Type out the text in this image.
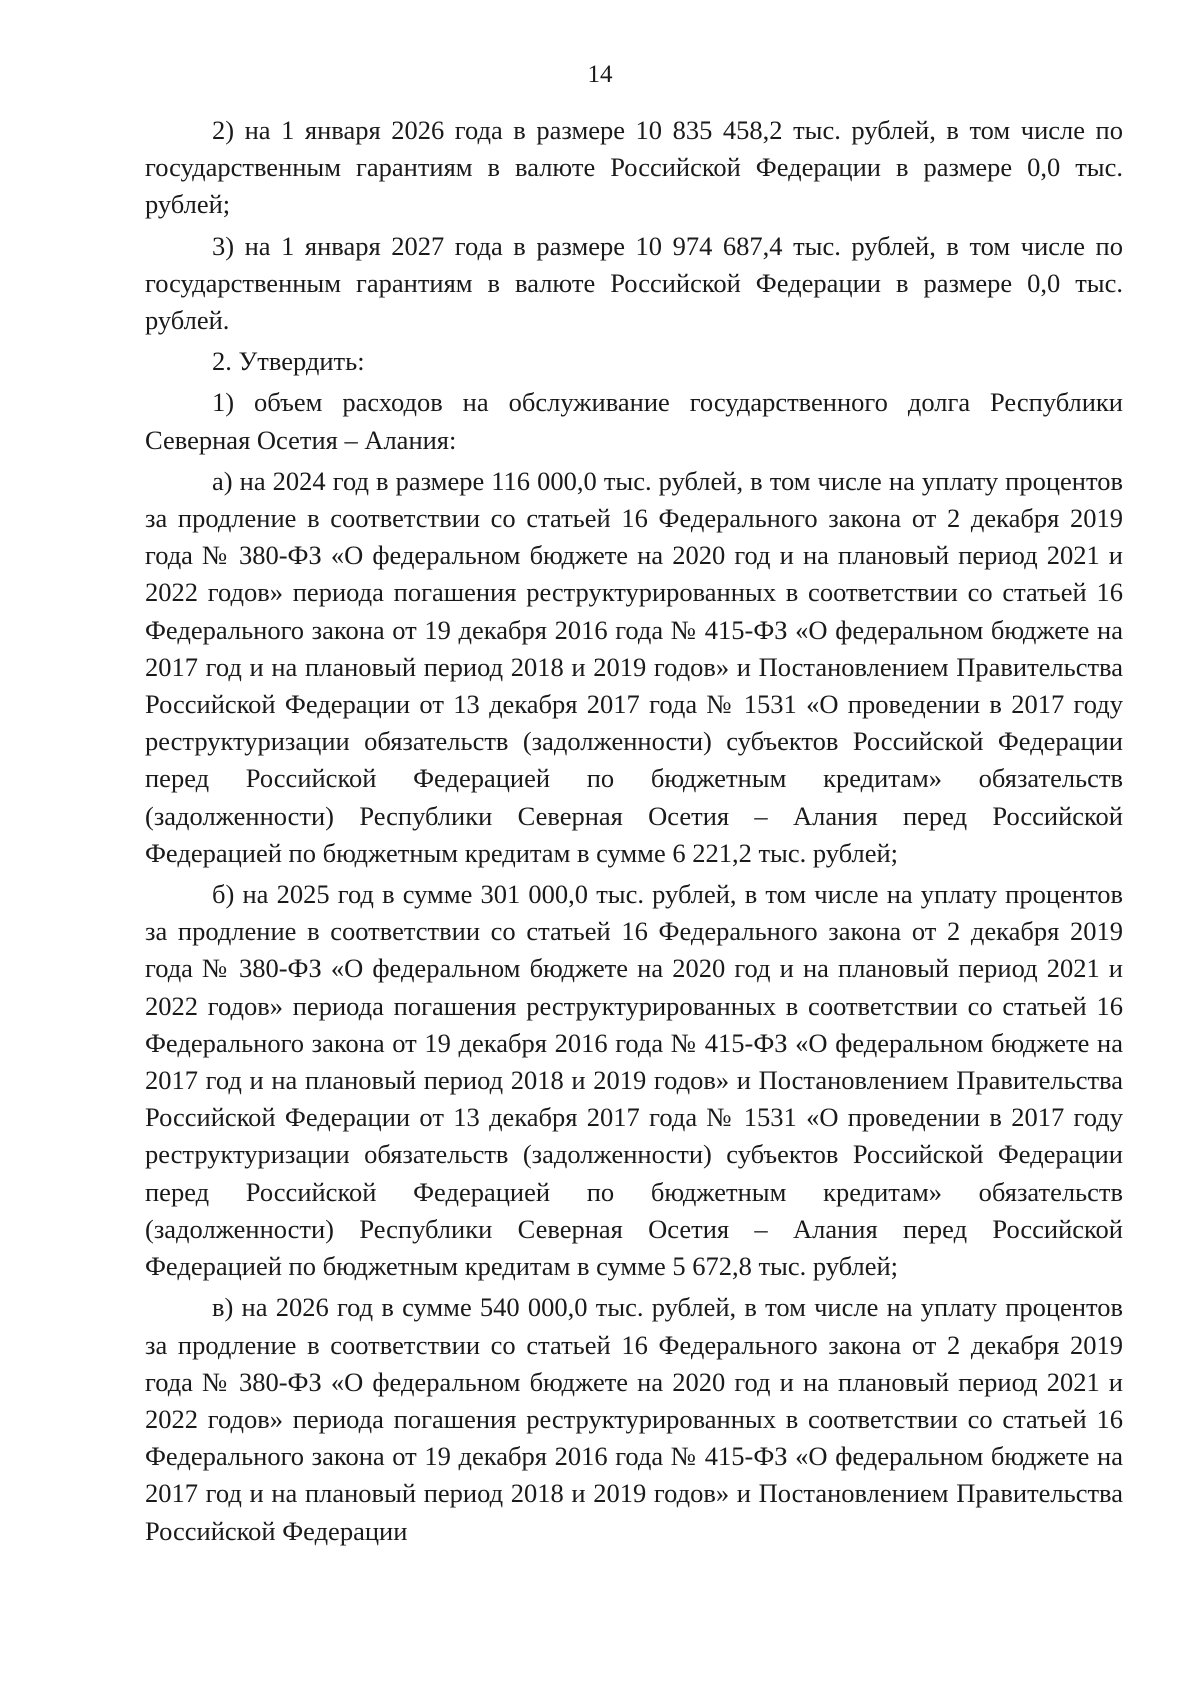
14

2) на 1 января 2026 года в размере 10 835 458,2 тыс. рублей, в том числе по государственным гарантиям в валюте Российской Федерации в размере 0,0 тыс. рублей;

3) на 1 января 2027 года в размере 10 974 687,4 тыс. рублей, в том числе по государственным гарантиям в валюте Российской Федерации в размере 0,0 тыс. рублей.

2. Утвердить:

1) объем расходов на обслуживание государственного долга Республики Северная Осетия – Алания:

а) на 2024 год в размере 116 000,0 тыс. рублей, в том числе на уплату процентов за продление в соответствии со статьей 16 Федерального закона от 2 декабря 2019 года № 380-ФЗ «О федеральном бюджете на 2020 год и на плановый период 2021 и 2022 годов» периода погашения реструктурированных в соответствии со статьей 16 Федерального закона от 19 декабря 2016 года № 415-ФЗ «О федеральном бюджете на 2017 год и на плановый период 2018 и 2019 годов» и Постановлением Правительства Российской Федерации от 13 декабря 2017 года № 1531 «О проведении в 2017 году реструктуризации обязательств (задолженности) субъектов Российской Федерации перед Российской Федерацией по бюджетным кредитам» обязательств (задолженности) Республики Северная Осетия – Алания перед Российской Федерацией по бюджетным кредитам в сумме 6 221,2 тыс. рублей;

б) на 2025 год в сумме 301 000,0 тыс. рублей, в том числе на уплату процентов за продление в соответствии со статьей 16 Федерального закона от 2 декабря 2019 года № 380-ФЗ «О федеральном бюджете на 2020 год и на плановый период 2021 и 2022 годов» периода погашения реструктурированных в соответствии со статьей 16 Федерального закона от 19 декабря 2016 года № 415-ФЗ «О федеральном бюджете на 2017 год и на плановый период 2018 и 2019 годов» и Постановлением Правительства Российской Федерации от 13 декабря 2017 года № 1531 «О проведении в 2017 году реструктуризации обязательств (задолженности) субъектов Российской Федерации перед Российской Федерацией по бюджетным кредитам» обязательств (задолженности) Республики Северная Осетия – Алания перед Российской Федерацией по бюджетным кредитам в сумме 5 672,8 тыс. рублей;

в) на 2026 год в сумме 540 000,0 тыс. рублей, в том числе на уплату процентов за продление в соответствии со статьей 16 Федерального закона от 2 декабря 2019 года № 380-ФЗ «О федеральном бюджете на 2020 год и на плановый период 2021 и 2022 годов» периода погашения реструктурированных в соответствии со статьей 16 Федерального закона от 19 декабря 2016 года № 415-ФЗ «О федеральном бюджете на 2017 год и на плановый период 2018 и 2019 годов» и Постановлением Правительства Российской Федерации
